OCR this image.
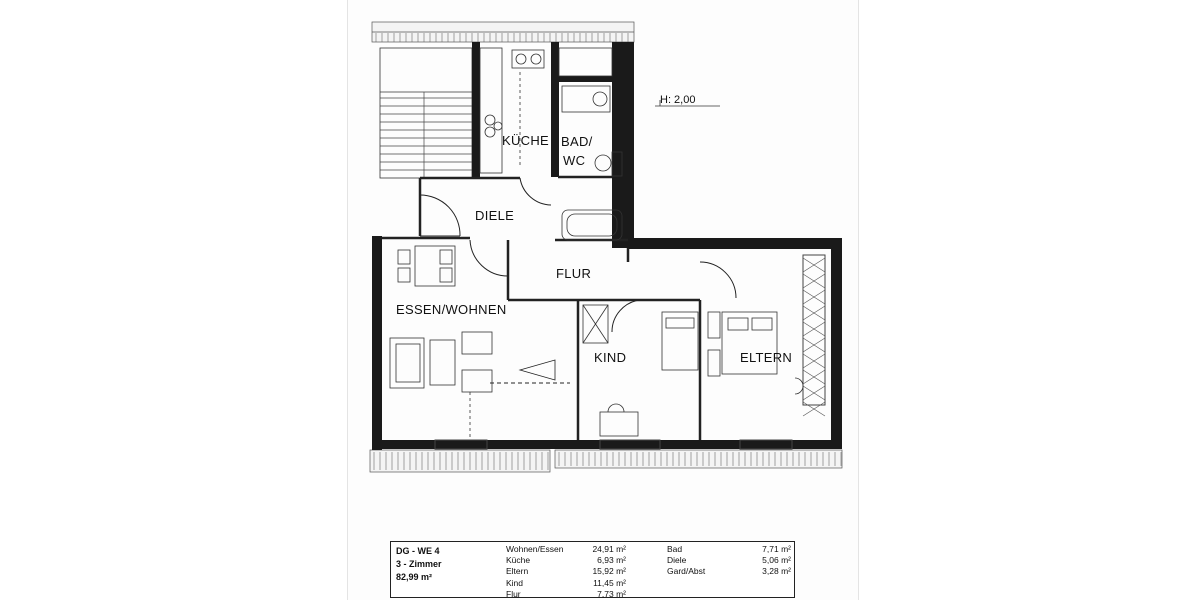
H: 2,00
KÜCHE BAD/
WC
DIELE
FLUR
ESSEN/WOHNEN
KIND	ELTERN
DG - WE 4
3 - Zimmer
82,99 m²
Wohnen/Essen	24,91 m²
Küche	6,93 m²
Eltern	15,92 m²
Kind	11,45 m²
Flur	7,73 m²
Bad	7,71 m²
Diele	5,06 m²
Gard/Abst	3,28 m²
